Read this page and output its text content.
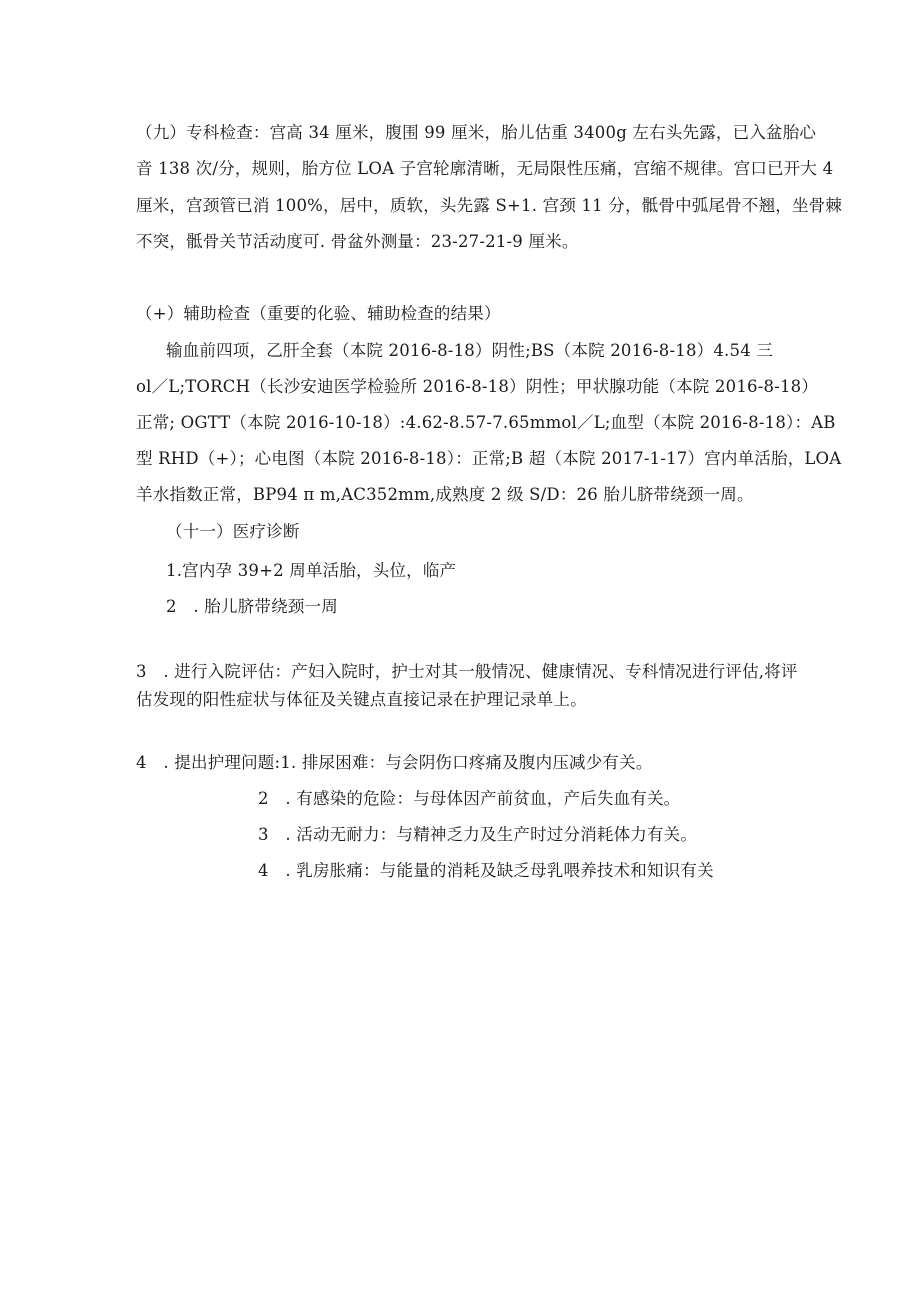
（九）专科检查：宫高 34 厘米，腹围 99 厘米，胎儿估重 3400g 左右头先露，已入盆胎心
音 138 次/分，规则，胎方位 LOA 子宫轮廓清晰，无局限性压痛，宫缩不规律。宫口已开大 4
厘米，宫颈管已消 100%，居中，质软，头先露 S+1. 宫颈 11 分，骶骨中弧尾骨不翘，坐骨棘
不突，骶骨关节活动度可. 骨盆外测量：23-27-21-9 厘米。
（+）辅助检查（重要的化验、辅助检查的结果）
输血前四项，乙肝全套（本院 2016-8-18）阴性;BS（本院 2016-8-18）4.54 三
ol／L;TORCH（长沙安迪医学检验所 2016-8-18）阴性；甲状腺功能（本院 2016-8-18）
正常; OGTT（本院 2016-10-18）:4.62-8.57-7.65mmol／L;血型（本院 2016-8-18）：AB
型 RHD（+）；心电图（本院 2016-8-18）：正常;B 超（本院 2017-1-17）宫内单活胎，LOA
羊水指数正常，BP94 π m,AC352mm,成熟度 2 级 S/D：26 胎儿脐带绕颈一周。
（十一）医疗诊断
1.宫内孕 39+2 周单活胎，头位，临产
2　. 胎儿脐带绕颈一周
3　. 进行入院评估：产妇入院时，护士对其一般情况、健康情况、专科情况进行评估,将评
估发现的阳性症状与体征及关键点直接记录在护理记录单上。
4　. 提出护理问题:1. 排尿困难：与会阴伤口疼痛及腹内压减少有关。
2　. 有感染的危险：与母体因产前贫血，产后失血有关。
3　. 活动无耐力：与精神乏力及生产时过分消耗体力有关。
4　. 乳房胀痛：与能量的消耗及缺乏母乳喂养技术和知识有关
